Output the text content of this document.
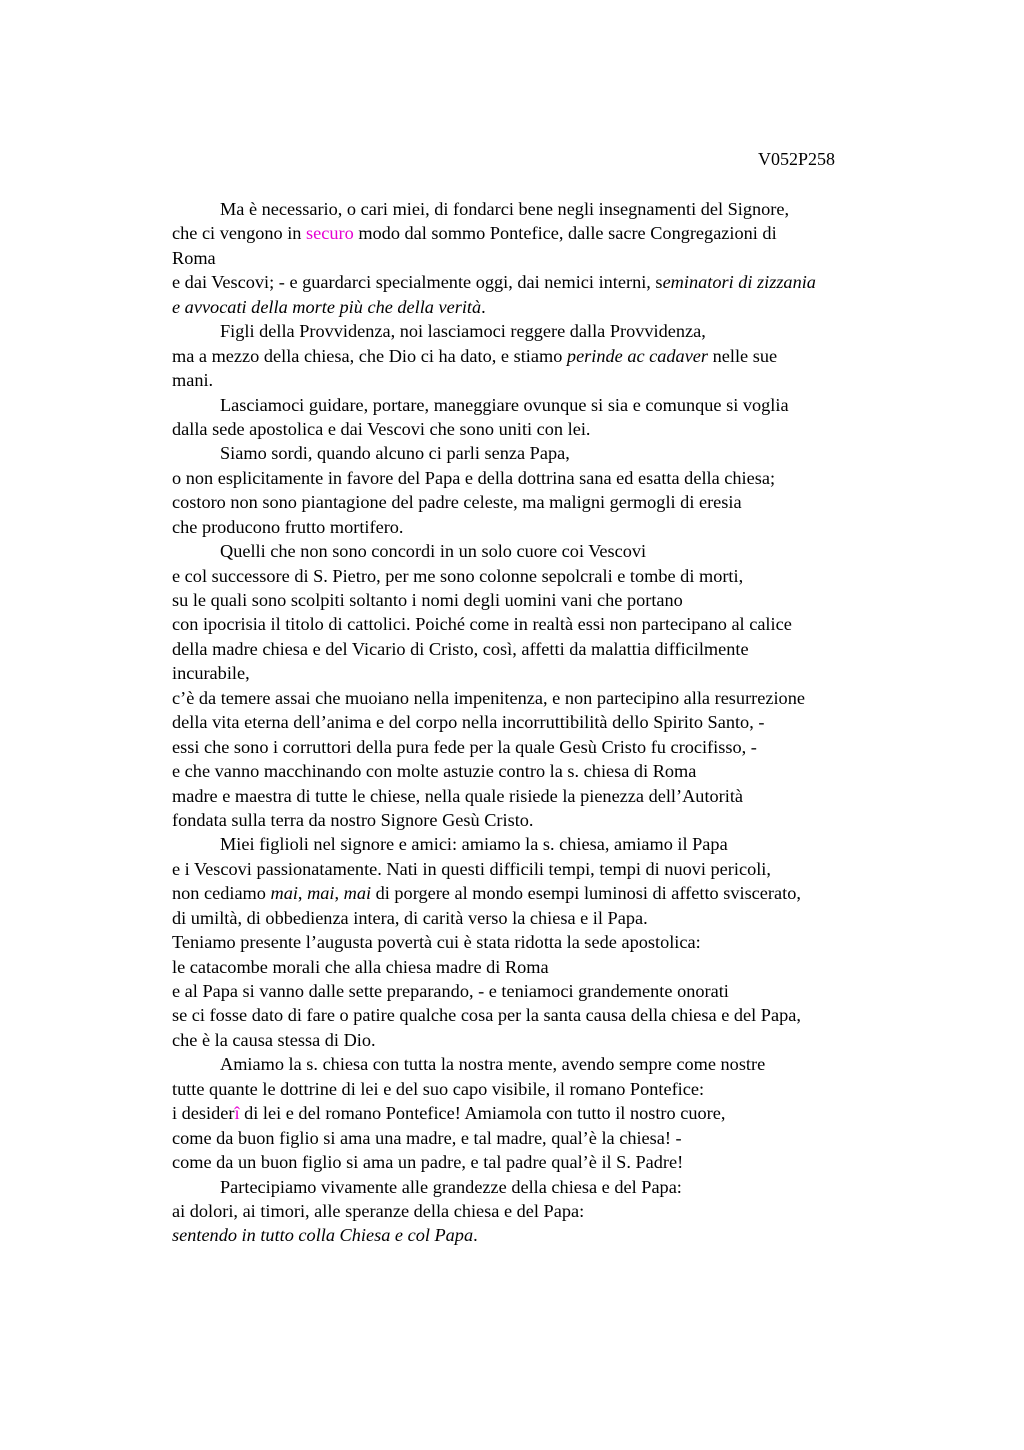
V052P258
Ma è necessario, o cari miei, di fondarci bene negli insegnamenti del Signore,
che ci vengono in securo modo dal sommo Pontefice, dalle sacre Congregazioni di
Roma
e dai Vescovi; - e guardarci specialmente oggi, dai nemici interni, seminatori di zizzania
e avvocati della morte più che della verità.
Figli della Provvidenza, noi lasciamoci reggere dalla Provvidenza,
ma a mezzo della chiesa, che Dio ci ha dato, e stiamo perinde ac cadaver nelle sue
mani.
Lasciamoci guidare, portare, maneggiare ovunque si sia e comunque si voglia
dalla sede apostolica e dai Vescovi che sono uniti con lei.
Siamo sordi, quando alcuno ci parli senza Papa,
o non esplicitamente in favore del Papa e della dottrina sana ed esatta della chiesa;
costoro non sono piantagione del padre celeste, ma maligni germogli di eresia
che producono frutto mortifero.
Quelli che non sono concordi in un solo cuore coi Vescovi
e col successore di S. Pietro, per me sono colonne sepolcrali e tombe di morti,
su le quali sono scolpiti soltanto i nomi degli uomini vani che portano
con ipocrisia il titolo di cattolici. Poiché come in realtà essi non partecipano al calice
della madre chiesa e del Vicario di Cristo, così, affetti da malattia difficilmente
incurabile,
c’è da temere assai che muoiano nella impenitenza, e non partecipino alla resurrezione
della vita eterna dell’anima e del corpo nella incorruttibilità dello Spirito Santo, -
essi che sono i corruttori della pura fede per la quale Gesù Cristo fu crocifisso, -
e che vanno macchinando con molte astuzie contro la s. chiesa di Roma
madre e maestra di tutte le chiese, nella quale risiede la pienezza dell’Autorità
fondata sulla terra da nostro Signore Gesù Cristo.
Miei figlioli nel signore e amici: amiamo la s. chiesa, amiamo il Papa
e i Vescovi passionatamente. Nati in questi difficili tempi, tempi di nuovi pericoli,
non cediamo mai, mai, mai di porgere al mondo esempi luminosi di affetto sviscerato,
di umiltà, di obbedienza intera, di carità verso la chiesa e il Papa.
Teniamo presente l’augusta povertà cui è stata ridotta la sede apostolica:
le catacombe morali che alla chiesa madre di Roma
e al Papa si vanno dalle sette preparando, - e teniamoci grandemente onorati
se ci fosse dato di fare o patire qualche cosa per la santa causa della chiesa e del Papa,
che è la causa stessa di Dio.
Amiamo la s. chiesa con tutta la nostra mente, avendo sempre come nostre
tutte quante le dottrine di lei e del suo capo visibile, il romano Pontefice:
i desiderî di lei e del romano Pontefice! Amiamola con tutto il nostro cuore,
come da buon figlio si ama una madre, e tal madre, qual’è la chiesa! -
come da un buon figlio si ama un padre, e tal padre qual’è il S. Padre!
Partecipiamo vivamente alle grandezze della chiesa e del Papa:
ai dolori, ai timori, alle speranze della chiesa e del Papa:
sentendo in tutto colla Chiesa e col Papa.
